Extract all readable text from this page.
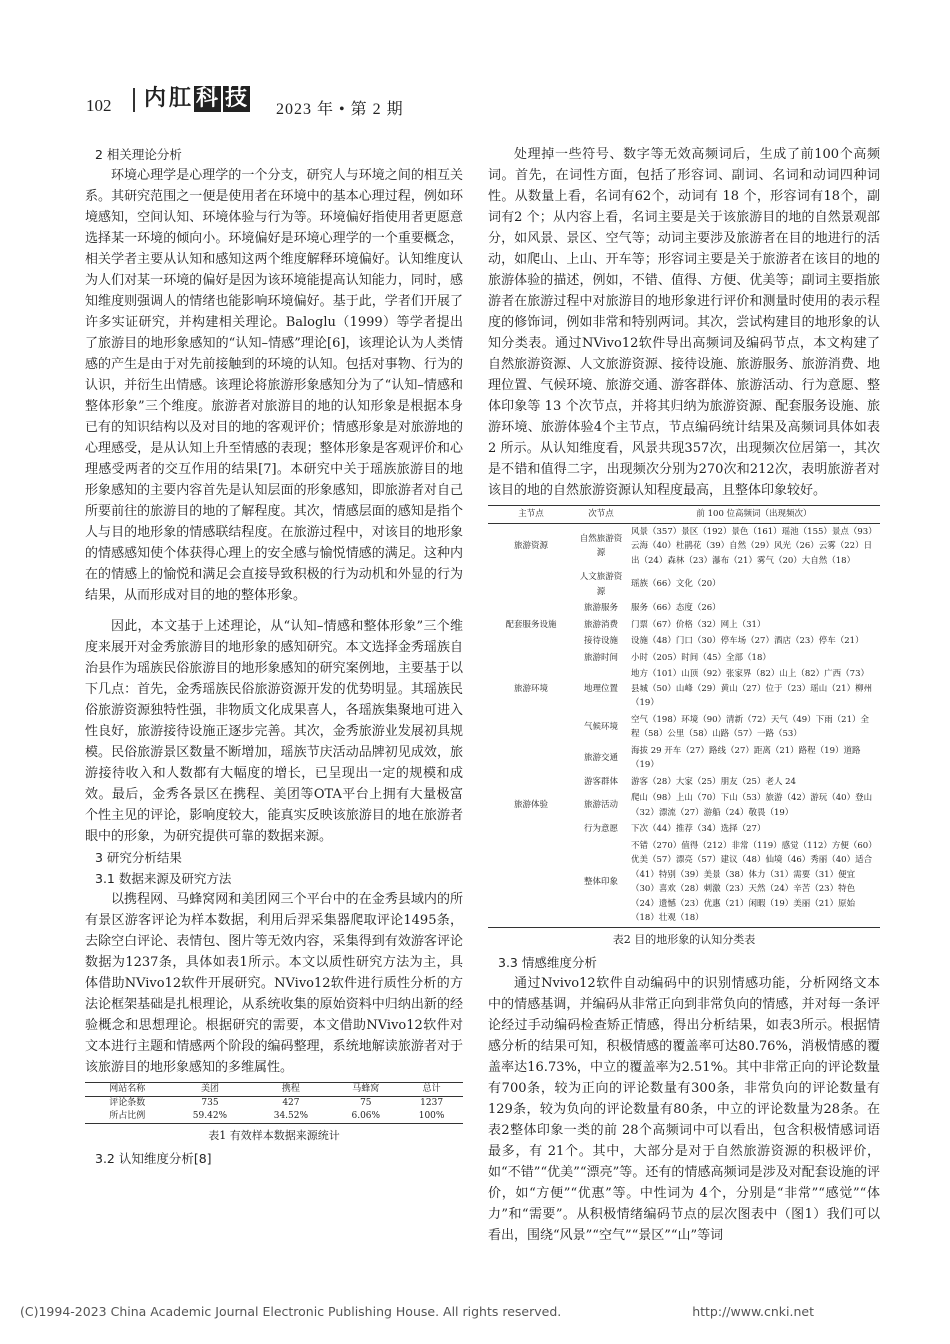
102 内 肛 科 技 2023 年 • 第 2 期
2 相关理论分析

环境心理学是心理学的一个分支，研究人与环境之间的相互关系。其研究范围之一便是使用者在环境中的基本心理过程，例如环境感知，空间认知、环境体验与行为等。环境偏好指使用者更愿意选择某一环境的倾向小。环境偏好是环境心理学的一个重要概念，相关学者主要从认知和感知这两个维度解释环境偏好。认知维度认为人们对某一环境的偏好是因为该环境能提高认知能力，同时，感知维度则强调人的情绪也能影响环境偏好。基于此，学者们开展了许多实证研究，并构建相关理论。Baloglu（1999）等学者提出了旅游目的地形象感知的“认知–情感”理论[6]，该理论认为人类情感的产生是由于对先前接触到的环境的认知。包括对事物、行为的认识，并衍生出情感。该理论将旅游形象感知分为了“认知–情感和整体形象”三个维度。旅游者对旅游目的地的认知形象是根据本身已有的知识结构以及对目的地的客观评价；情感形象是对旅游地的心理感受，是从认知上升至情感的表现；整体形象是客观评价和心理感受两者的交互作用的结果[7]。本研究中关于瑶族旅游目的地形象感知的主要内容首先是认知层面的形象感知，即旅游者对自己所要前往的旅游目的地的了解程度。其次，情感层面的感知是指个人与目的地形象的情感联结程度。在旅游过程中，对该目的地形象的情感感知使个体获得心理上的安全感与愉悦情感的满足。这种内在的情感上的愉悦和满足会直接导致积极的行为动机和外显的行为结果，从而形成对目的地的整体形象。

因此，本文基于上述理论，从“认知–情感和整体形象”三个维度来展开对金秀旅游目的地形象的感知研究。本文选择金秀瑶族自治县作为瑶族民俗旅游目的地形象感知的研究案例地，主要基于以下几点：首先，金秀瑶族民俗旅游资源开发的优势明显。其瑶族民俗旅游资源独特性强，非物质文化成果喜人，各瑶族集聚地可进入性良好，旅游接待设施正逐步完善。其次，金秀旅游业发展初具规模。民俗旅游景区数量不断增加，瑶族节庆活动品牌初见成效，旅游接待收入和人数都有大幅度的增长，已呈现出一定的规模和成效。最后，金秀各景区在携程、美团等OTA平台上拥有大量极富个性主见的评论，影响度较大，能真实反映该旅游目的地在旅游者眼中的形象，为研究提供可靠的数据来源。

3 研究分析结果
3.1 数据来源及研究方法

以携程网、马蜂窝网和美团网三个平台中的在金秀县域内的所有景区游客评论为样本数据，利用后羿采集器爬取评论1495条，去除空白评论、表情包、图片等无效内容，采集得到有效游客评论数据为1237条，具体如表1所示。本文以质性研究方法为主，具体借助NVivo12软件开展研究。NVivo12软件进行质性分析的方法论框架基础是扎根理论，从系统收集的原始资料中归纳出新的经验概念和思想理论。根据研究的需要，本文借助NVivo12软件对文本进行主题和情感两个阶段的编码整理，系统地解读旅游者对于该旅游目的地形象感知的多维属性。

网站名称	美团	携程	马蜂窝	总计
评论条数	735	427	75	1237
所占比例	59.42%	34.52%	6.06%	100%
表1 有效样本数据来源统计
3.2 认知维度分析[8]

处理掉一些符号、数字等无效高频词后，生成了前100个高频词。首先，在词性方面，包括了形容词、副词、名词和动词四种词性。从数量上看，名词有62个，动词有 18 个，形容词有18个，副词有2 个；从内容上看，名词主要是关于该旅游目的地的自然景观部分，如风景、景区、空气等；动词主要涉及旅游者在目的地进行的活动，如爬山、上山、开车等；形容词主要是关于旅游者在该目的地的旅游体验的描述，例如，不错、值得、方便、优美等；副词主要指旅游者在旅游过程中对旅游目的地形象进行评价和测量时使用的表示程度的修饰词，例如非常和特别两词。其次，尝试构建目的地形象的认知分类表。通过NVivo12软件导出高频词及编码节点，本文构建了自然旅游资源、人文旅游资源、接待设施、旅游服务、旅游消费、地理位置、气候环境、旅游交通、游客群体、旅游活动、行为意愿、整体印象等 13 个次节点，并将其归纳为旅游资源、配套服务设施、旅游环境、旅游体验4个主节点，节点编码统计结果及高频词具体如表2 所示。从认知维度看，风景共现357次，出现频次位居第一，其次是不错和值得二字，出现频次分别为270次和212次，表明旅游者对该目的地的自然旅游资源认知程度最高，且整体印象较好。

主节点	次节点	前 100 位高频词（出现频次）
旅游资源	自然旅游资源	风景（357）景区（192）景色（161）瑶池（155）景点（93）云海（40）杜鹃花（39）自然（29）风光（26）云雾（22）日出（24）森林（23）瀑布（21）雾气（20）大自然（18）
	人文旅游资源	瑶族（66）文化（20）
	旅游服务	服务（66）态度（26）
配套服务设施	旅游消费	门票（67）价格（32）网上（31）
	接待设施	设施（48）门口（30）停车场（27）酒店（23）停车（21）
	旅游时间	小时（205）时间（45）全部（18）
旅游环境	地理位置	地方（101）山顶（92）张家界（82）山上（82）广西（73）县城（50）山峰（29）黄山（27）位于（23）瑶山（21）柳州（19）
	气候环境	空气（198）环境（90）清新（72）天气（49）下雨（21）全程（58）公里（58）山路（57）一路（53）
	旅游交通	海拔 29 开车（27）路线（27）距离（21）路程（19）道路（19）
	游客群体	游客（28）大家（25）朋友（25）老人 24
旅游体验	旅游活动	爬山（98）上山（70）下山（53）旅游（42）游玩（40）登山（32）漂流（27）游船（24）敬畏（19）
	行为意愿	下次（44）推荐（34）选择（27）
	整体印象	不错（270）值得（212）非常（119）感觉（112）方便（60）优美（57）漂亮（57）建议（48）仙境（46）秀丽（40）适合（41）特别（39）美景（38）体力（31）需要（31）便宜（30）喜欢（28）刺激（23）天然（24）辛苦（23）特色（24）遗憾（23）优惠（21）闲暇（19）美丽（21）原始（18）壮观（18）
表2 目的地形象的认知分类表
3.3 情感维度分析

通过Nvivo12软件自动编码中的识别情感功能，分析网络文本中的情感基调，并编码从非常正向到非常负向的情感，并对每一条评论经过手动编码检查矫正情感，得出分析结果，如表3所示。根据情感分析的结果可知，积极情感的覆盖率可达80.76%，消极情感的覆盖率达16.73%，中立的覆盖率为2.51%。其中非常正向的评论数量有700条，较为正向的评论数量有300条，非常负向的评论数量有129条，较为负向的评论数量有80条，中立的评论数量为28条。在表2整体印象一类的前 28个高频词中可以看出，包含积极情感词语最多，有 21个。其中，大部分是对于自然旅游资源的积极评价，如“不错”“优美”“漂亮”等。还有的情感高频词是涉及对配套设施的评价，如“方便”“优惠”等。中性词为 4个，分别是“非常”“感觉”“体力”和“需要”。从积极情绪编码节点的层次图表中（图1）我们可以看出，围绕“风景”“空气”“景区”“山”等词

(C)1994-2023 China Academic Journal Electronic Publishing House. All rights reserved.	http://www.cnki.net
